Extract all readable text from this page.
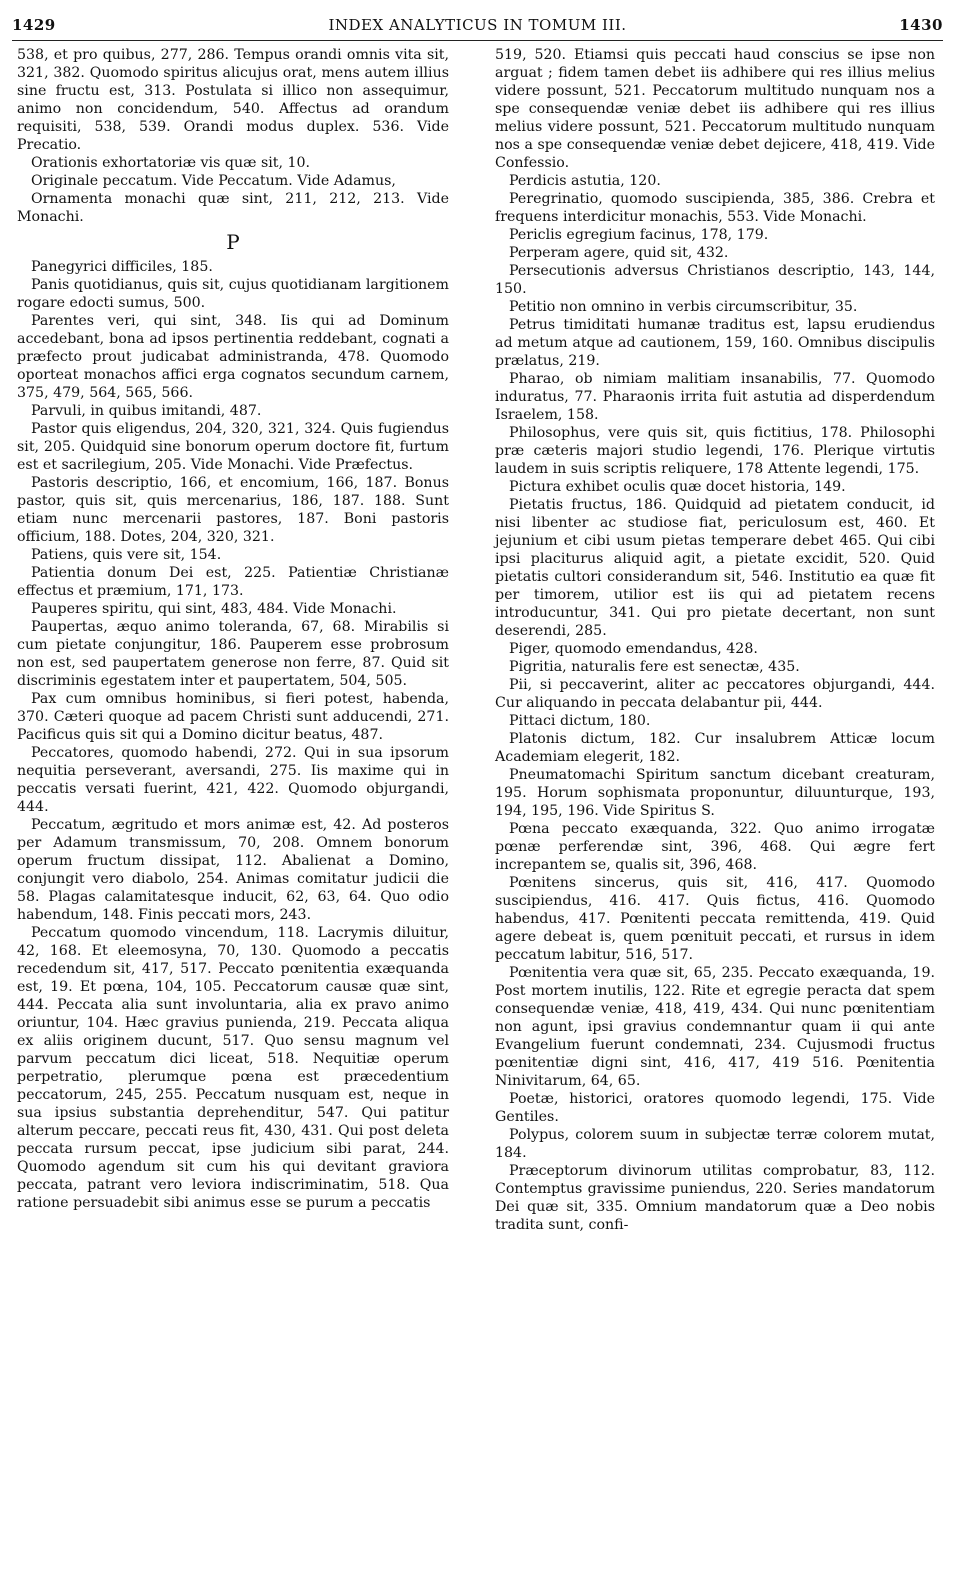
1429	INDEX ANALYTICUS IN TOMUM III.	1430

538, et pro quibus, 277, 286. Tempus orandi omnis vita sit, 321, 382. Quomodo spiritus alicujus orat, mens autem illius sine fructu est, 313. Postulata si illico non assequimur, animo non concidendum, 540. Affectus ad orandum requisiti, 538, 539. Orandi modus duplex. 536. Vide Precatio.

Orationis exhortatoriæ vis quæ sit, 10.

Originale peccatum. Vide Peccatum. Vide Adamus,

Ornamenta monachi quæ sint, 211, 212, 213. Vide Monachi.

P

Panegyrici difficiles, 185.

Panis quotidianus, quis sit, cujus quotidianam largitionem rogare edocti sumus, 500.

Parentes veri, qui sint, 348. Iis qui ad Dominum accedebant, bona ad ipsos pertinentia reddebant, cognati a præfecto prout judicabat administranda, 478. Quomodo oporteat monachos affici erga cognatos secundum carnem, 375, 479, 564, 565, 566.

Parvuli, in quibus imitandi, 487.

Pastor quis eligendus, 204, 320, 321, 324. Quis fugiendus sit, 205. Quidquid sine bonorum operum doctore fit, furtum est et sacrilegium, 205. Vide Monachi. Vide Præfectus.

Pastoris descriptio, 166, et encomium, 166, 187. Bonus pastor, quis sit, quis mercenarius, 186, 187. 188. Sunt etiam nunc mercenarii pastores, 187. Boni pastoris officium, 188. Dotes, 204, 320, 321.

Patiens, quis vere sit, 154.

Patientia donum Dei est, 225. Patientiæ Christianæ effectus et præmium, 171, 173.

Pauperes spiritu, qui sint, 483, 484. Vide Monachi.

Paupertas, æquo animo toleranda, 67, 68. Mirabilis si cum pietate conjungitur, 186. Pauperem esse probrosum non est, sed paupertatem generose non ferre, 87. Quid sit discriminis egestatem inter et paupertatem, 504, 505.

Pax cum omnibus hominibus, si fieri potest, habenda, 370. Cæteri quoque ad pacem Christi sunt adducendi, 271. Pacificus quis sit qui a Domino dicitur beatus, 487.

Peccatores, quomodo habendi, 272. Qui in sua ipsorum nequitia perseverant, aversandi, 275. Iis maxime qui in peccatis versati fuerint, 421, 422. Quomodo objurgandi, 444.

Peccatum, ægritudo et mors animæ est, 42. Ad posteros per Adamum transmissum, 70, 208. Omnem bonorum operum fructum dissipat, 112. Abalienat a Domino, conjungit vero diabolo, 254. Animas comitatur judicii die 58. Plagas calamitatesque inducit, 62, 63, 64. Quo odio habendum, 148. Finis peccati mors, 243.

Peccatum quomodo vincendum, 118. Lacrymis diluitur, 42, 168. Et eleemosyna, 70, 130. Quomodo a peccatis recedendum sit, 417, 517. Peccato pœnitentia exæquanda est, 19. Et pœna, 104, 105. Peccatorum causæ quæ sint, 444. Peccata alia sunt involuntaria, alia ex pravo animo oriuntur, 104. Hæc gravius punienda, 219. Peccata aliqua ex aliis originem ducunt, 517. Quo sensu magnum vel parvum peccatum dici liceat, 518. Nequitiæ operum perpetratio, plerumque pœna est præcedentium peccatorum, 245, 255. Peccatum nusquam est, neque in sua ipsius substantia deprehenditur, 547. Qui patitur alterum peccare, peccati reus fit, 430, 431. Qui post deleta peccata rursum peccat, ipse judicium sibi parat, 244. Quomodo agendum sit cum his qui devitant graviora peccata, patrant vero leviora indiscriminatim, 518. Qua ratione persuadebit sibi animus esse se purum a peccatis

519, 520. Etiamsi quis peccati haud conscius se ipse non arguat ; fidem tamen debet iis adhibere qui res illius melius videre possunt, 521. Peccatorum multitudo nunquam nos a spe consequendæ veniæ debet iis adhibere qui res illius melius videre possunt, 521. Peccatorum multitudo nunquam nos a spe consequendæ veniæ debet dejicere, 418, 419. Vide Confessio.

Perdicis astutia, 120.

Peregrinatio, quomodo suscipienda, 385, 386. Crebra et frequens interdicitur monachis, 553. Vide Monachi.

Periclis egregium facinus, 178, 179.

Perperam agere, quid sit, 432.

Persecutionis adversus Christianos descriptio, 143, 144, 150.

Petitio non omnino in verbis circumscribitur, 35.

Petrus timiditati humanæ traditus est, lapsu erudiendus ad metum atque ad cautionem, 159, 160. Omnibus discipulis prælatus, 219.

Pharao, ob nimiam malitiam insanabilis, 77. Quomodo induratus, 77. Pharaonis irrita fuit astutia ad disperdendum Israelem, 158.

Philosophus, vere quis sit, quis fictitius, 178. Philosophi præ cæteris majori studio legendi, 176. Plerique virtutis laudem in suis scriptis reliquere, 178 Attente legendi, 175.

Pictura exhibet oculis quæ docet historia, 149.

Pietatis fructus, 186. Quidquid ad pietatem conducit, id nisi libenter ac studiose fiat, periculosum est, 460. Et jejunium et cibi usum pietas temperare debet 465. Qui cibi ipsi placiturus aliquid agit, a pietate excidit, 520. Quid pietatis cultori considerandum sit, 546. Institutio ea quæ fit per timorem, utilior est iis qui ad pietatem recens introducuntur, 341. Qui pro pietate decertant, non sunt deserendi, 285.

Piger, quomodo emendandus, 428.

Pigritia, naturalis fere est senectæ, 435.

Pii, si peccaverint, aliter ac peccatores objurgandi, 444. Cur aliquando in peccata delabantur pii, 444.

Pittaci dictum, 180.

Platonis dictum, 182. Cur insalubrem Atticæ locum Academiam elegerit, 182.

Pneumatomachi Spiritum sanctum dicebant creaturam, 195. Horum sophismata proponuntur, diluunturque, 193, 194, 195, 196. Vide Spiritus S.

Pœna peccato exæquanda, 322. Quo animo irrogatæ pœnæ perferendæ sint, 396, 468. Qui ægre fert increpantem se, qualis sit, 396, 468.

Pœnitens sincerus, quis sit, 416, 417. Quomodo suscipiendus, 416. 417. Quis fictus, 416. Quomodo habendus, 417. Pœnitenti peccata remittenda, 419. Quid agere debeat is, quem pœnituit peccati, et rursus in idem peccatum labitur, 516, 517.

Pœnitentia vera quæ sit, 65, 235. Peccato exæquanda, 19. Post mortem inutilis, 122. Rite et egregie peracta dat spem consequendæ veniæ, 418, 419, 434. Qui nunc pœnitentiam non agunt, ipsi gravius condemnantur quam ii qui ante Evangelium fuerunt condemnati, 234. Cujusmodi fructus pœnitentiæ digni sint, 416, 417, 419 516. Pœnitentia Ninivitarum, 64, 65.

Poetæ, historici, oratores quomodo legendi, 175. Vide Gentiles.

Polypus, colorem suum in subjectæ terræ colorem mutat, 184.

Præceptorum divinorum utilitas comprobatur, 83, 112. Contemptus gravissime puniendus, 220. Series mandatorum Dei quæ sit, 335. Omnium mandatorum quæ a Deo nobis tradita sunt, confi-
